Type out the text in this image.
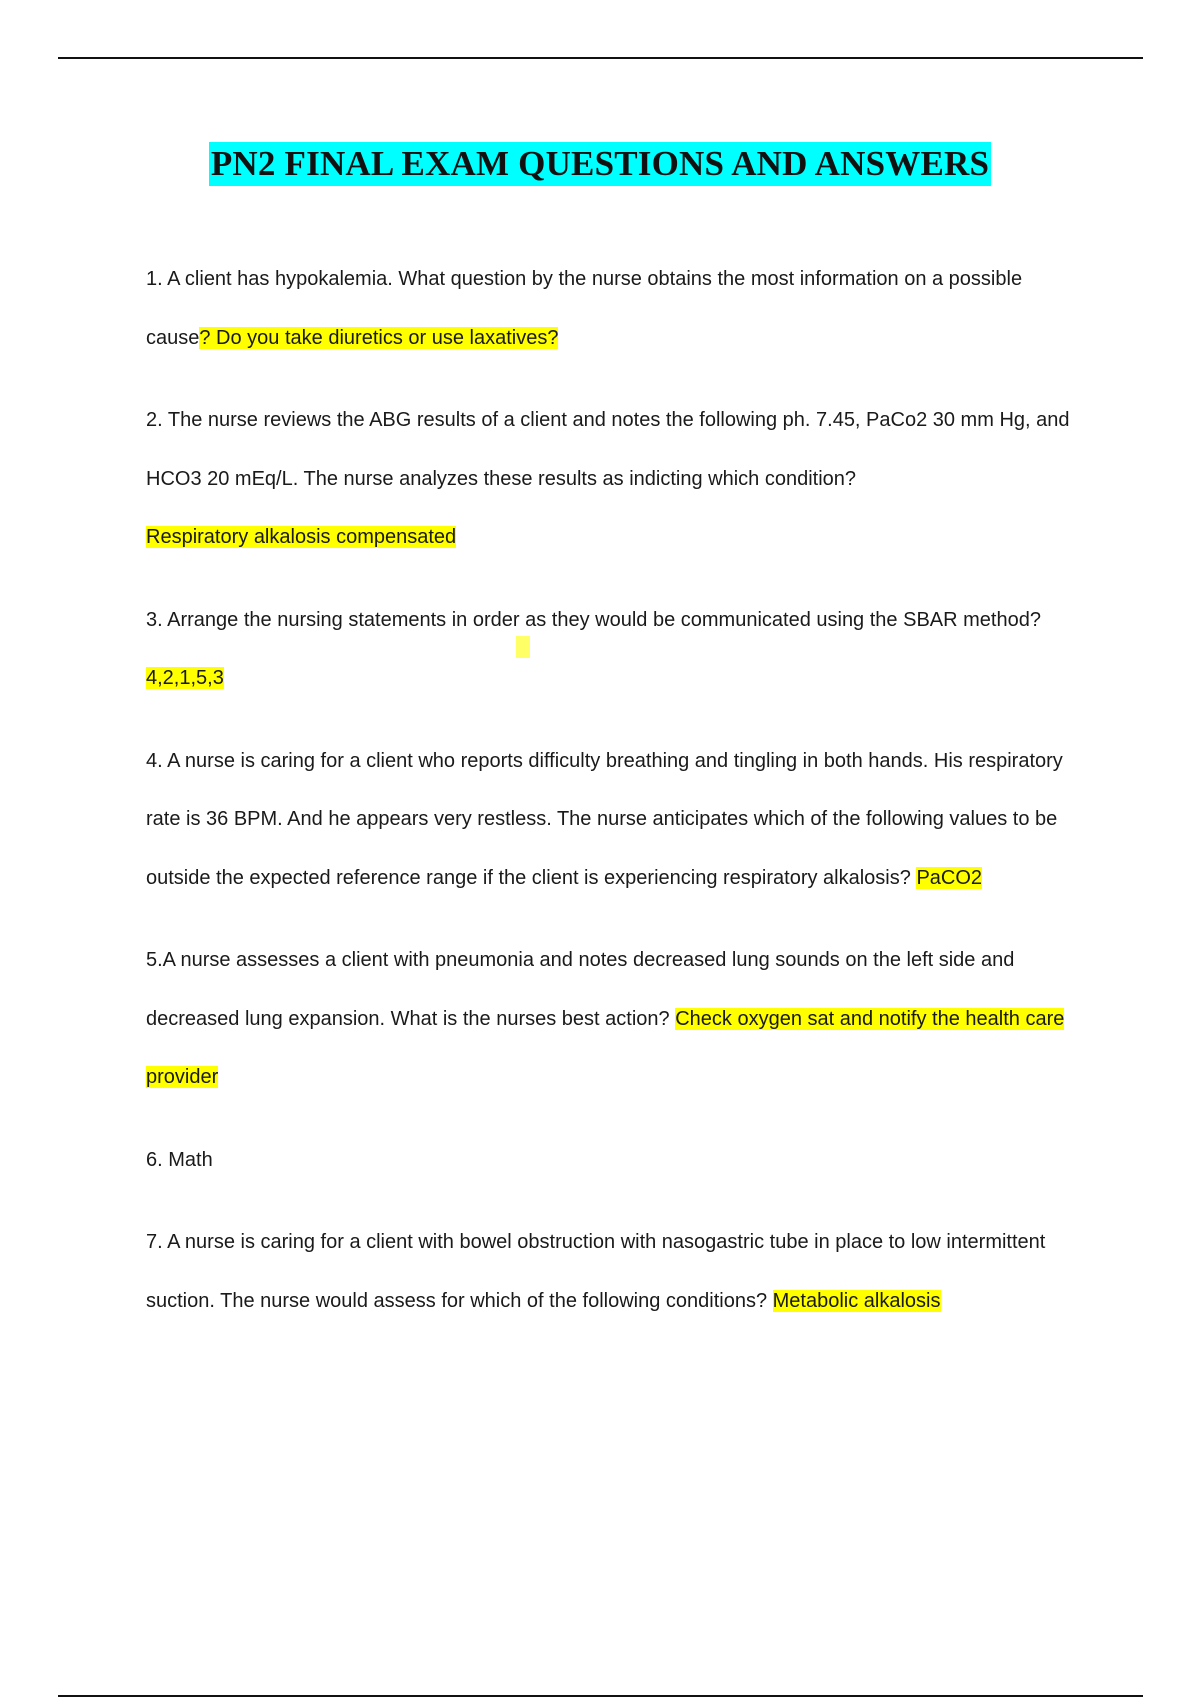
PN2 FINAL EXAM QUESTIONS AND ANSWERS

1. A client has hypokalemia. What question by the nurse obtains the most information on a possible cause? Do you take diuretics or use laxatives?

2. The nurse reviews the ABG results of a client and notes the following ph. 7.45, PaCo2 30 mm Hg, and HCO3 20 mEq/L. The nurse analyzes these results as indicting which condition?
Respiratory alkalosis compensated

3. Arrange the nursing statements in order as they would be communicated using the SBAR method? 4,2,1,5,3

4. A nurse is caring for a client who reports difficulty breathing and tingling in both hands. His respiratory rate is 36 BPM. And he appears very restless. The nurse anticipates which of the following values to be outside the expected reference range if the client is experiencing respiratory alkalosis? PaCO2

5.A nurse assesses a client with pneumonia and notes decreased lung sounds on the left side and decreased lung expansion. What is the nurses best action? Check oxygen sat and notify the health care provider

6. Math

7. A nurse is caring for a client with bowel obstruction with nasogastric tube in place to low intermittent suction. The nurse would assess for which of the following conditions? Metabolic alkalosis
